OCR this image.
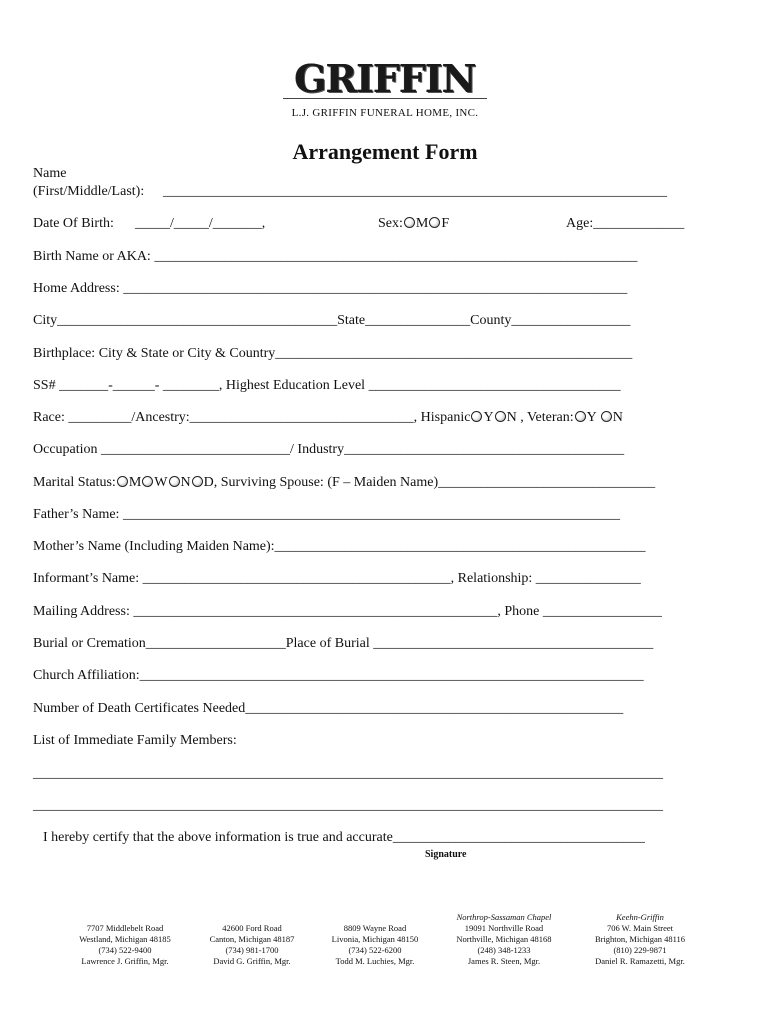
GRIFFIN
L.J. GRIFFIN FUNERAL HOME, INC.
Arrangement Form
Name
(First/Middle/Last): ________________________________________________________________________
Date Of Birth: _____/_____/_______,	Sex: M F	Age:_____________
Birth Name or AKA: _____________________________________________________________________
Home Address: ________________________________________________________________________
City________________________________________State_______________County_________________
Birthplace: City & State or City & Country___________________________________________________
SS# _______-______- ________, Highest Education Level ____________________________________
Race: _________/Ancestry:________________________________, Hispanic Y N , Veteran: Y N
Occupation ___________________________/ Industry________________________________________
Marital Status: M W N D, Surviving Spouse: (F – Maiden Name)_______________________________
Father’s Name: _______________________________________________________________________
Mother’s Name (Including Maiden Name):_____________________________________________________
Informant’s Name: ____________________________________________, Relationship: _______________
Mailing Address: ____________________________________________________, Phone _________________
Burial or Cremation____________________Place of Burial ________________________________________
Church Affiliation:________________________________________________________________________
Number of Death Certificates Needed______________________________________________________
List of Immediate Family Members:
__________________________________________________________________________________________
__________________________________________________________________________________________
I hereby certify that the above information is true and accurate____________________________________
Signature

7707 Middlebelt Road
Westland, Michigan 48185
(734) 522-9400
Lawrence J. Griffin, Mgr.

42600 Ford Road
Canton, Michigan 48187
(734) 981-1700
David G. Griffin, Mgr.

8809 Wayne Road
Livonia, Michigan 48150
(734) 522-6200
Todd M. Luchies, Mgr.
Northrop-Sassaman Chapel
19091 Northville Road
Northville, Michigan 48168
(248) 348-1233
James R. Steen, Mgr.
Keehn-Griffin
706 W. Main Street
Brighton, Michigan 48116
(810) 229-9871
Daniel R. Ramazetti, Mgr.
